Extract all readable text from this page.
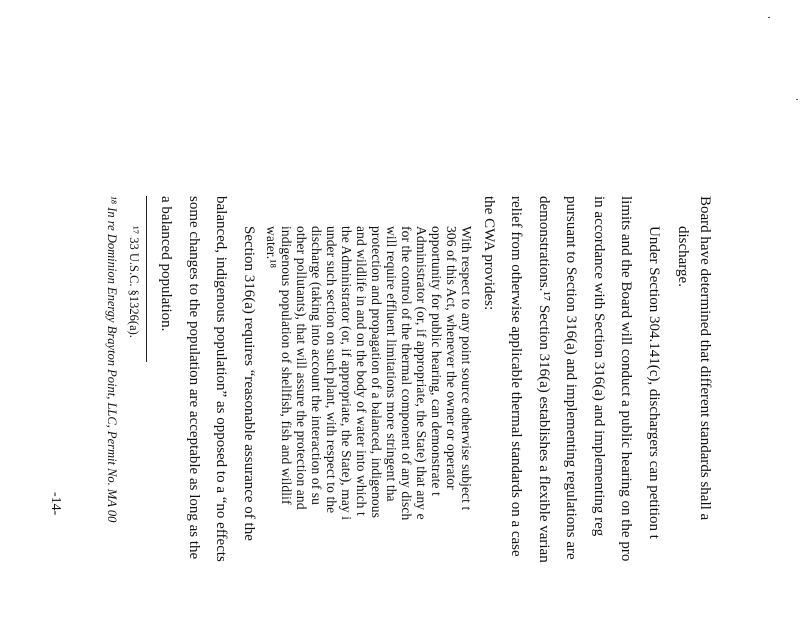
Board have determined that different standards shall a
discharge.
Under Section 304.141(c), dischargers can petition t
limits and the Board will conduct a public hearing on the pro
in accordance with Section 316(a) and implementing reg
pursuant to Section 316(a) and implementing regulations are
demonstrations.¹⁷ Section 316(a) establishes a flexible varian
relief from otherwise applicable thermal standards on a case
the CWA provides:
With respect to any point source otherwise subject t
306 of this Act, whenever the owner or operator
opportunity for public hearing, can demonstrate t
Administrator (or, if appropriate, the State) that any e
for the control of the thermal component of any disch
will require effluent limitations more stringent tha
protection and propagation of a balanced, indigenous
and wildlife in and on the body of water into which t
the Administrator (or, if appropriate, the State), may i
under such section on such plant, with respect to the
discharge (taking into account the interaction of su
other pollutants), that will assure the protection and
indigenous population of shellfish, fish and wildlif
water.¹⁸
Section 316(a) requires “reasonable assurance of the
balanced, indigenous population” as opposed to a “no effects
some changes to the population are acceptable as long as the
a balanced population.
¹⁷ 33 U.S.C. §1326(a).
¹⁸ In re Dominion Energy Brayton Point, LLC, Permit No. MA 00
-14-
